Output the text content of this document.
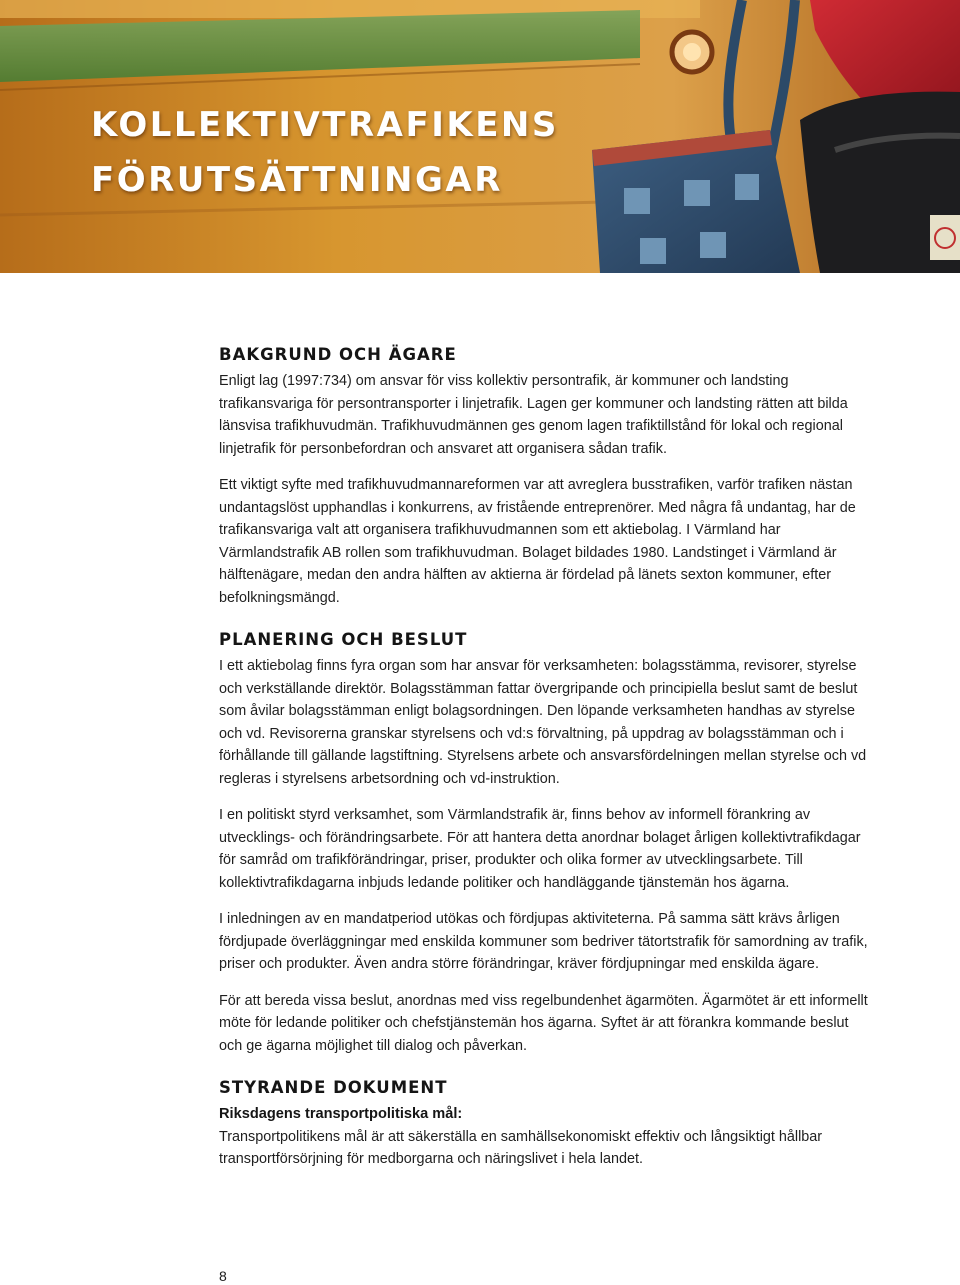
KOLLEKTIVTRAFIKENS
FÖRUTSÄTTNINGAR
BAKGRUND OCH ÄGARE

Enligt lag (1997:734) om ansvar för viss kollektiv persontrafik, är kommuner och landsting trafikansvariga för persontransporter i linjetrafik. Lagen ger kommuner och landsting rätten att bilda länsvisa trafikhuvudmän. Trafikhuvudmännen ges genom lagen trafiktillstånd för lokal och regional linjetrafik för personbefordran och ansvaret att organisera sådan trafik.

Ett viktigt syfte med trafikhuvudmannareformen var att avreglera busstrafiken, varför trafiken nästan undantagslöst upphandlas i konkurrens, av fristående entreprenörer. Med några få undantag, har de trafikansvariga valt att organisera trafikhuvudmannen som ett aktiebolag. I Värmland har Värmlandstrafik AB rollen som trafikhuvudman. Bolaget bildades 1980. Landstinget i Värmland är hälftenägare, medan den andra hälften av aktierna är fördelad på länets sexton kommuner, efter befolkningsmängd.

PLANERING OCH BESLUT

I ett aktiebolag finns fyra organ som har ansvar för verksamheten: bolagsstämma, revisorer, styrelse och verkställande direktör. Bolagsstämman fattar övergripande och principiella beslut samt de beslut som åvilar bolagsstämman enligt bolagsordningen. Den löpande verksamheten handhas av styrelse och vd. Revisorerna granskar styrelsens och vd:s förvaltning, på uppdrag av bolagsstämman och i förhållande till gällande lagstiftning. Styrelsens arbete och ansvarsfördelningen mellan styrelse och vd regleras i styrelsens arbetsordning och vd-instruktion.

I en politiskt styrd verksamhet, som Värmlandstrafik är, finns behov av informell förankring av utvecklings- och förändringsarbete. För att hantera detta anordnar bolaget årligen kollektivtrafikdagar för samråd om trafikförändringar, priser, produkter och olika former av utvecklingsarbete. Till kollektivtrafikdagarna inbjuds ledande politiker och handläggande tjänstemän hos ägarna.

I inledningen av en mandatperiod utökas och fördjupas aktiviteterna. På samma sätt krävs årligen fördjupade överläggningar med enskilda kommuner som bedriver tätortstrafik för samordning av trafik, priser och produkter. Även andra större förändringar, kräver fördjupningar med enskilda ägare.

För att bereda vissa beslut, anordnas med viss regelbundenhet ägarmöten. Ägarmötet är ett informellt möte för ledande politiker och chefstjänstemän hos ägarna. Syftet är att förankra kommande beslut och ge ägarna möjlighet till dialog och påverkan.

STYRANDE DOKUMENT
Riksdagens transportpolitiska mål:

Transportpolitikens mål är att säkerställa en samhällsekonomiskt effektiv och långsiktigt hållbar transportförsörjning för medborgarna och näringslivet i hela landet.

8
